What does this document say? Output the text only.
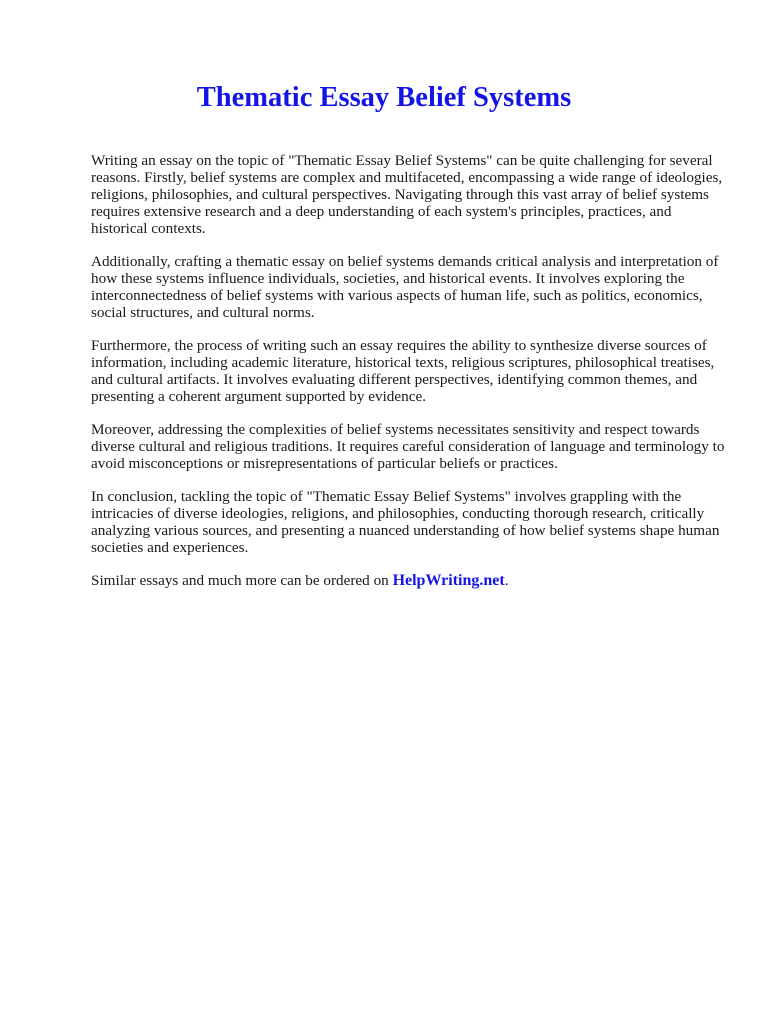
Thematic Essay Belief Systems

Writing an essay on the topic of "Thematic Essay Belief Systems" can be quite challenging for several reasons. Firstly, belief systems are complex and multifaceted, encompassing a wide range of ideologies, religions, philosophies, and cultural perspectives. Navigating through this vast array of belief systems requires extensive research and a deep understanding of each system's principles, practices, and historical contexts.

Additionally, crafting a thematic essay on belief systems demands critical analysis and interpretation of how these systems influence individuals, societies, and historical events. It involves exploring the interconnectedness of belief systems with various aspects of human life, such as politics, economics, social structures, and cultural norms.

Furthermore, the process of writing such an essay requires the ability to synthesize diverse sources of information, including academic literature, historical texts, religious scriptures, philosophical treatises, and cultural artifacts. It involves evaluating different perspectives, identifying common themes, and presenting a coherent argument supported by evidence.

Moreover, addressing the complexities of belief systems necessitates sensitivity and respect towards diverse cultural and religious traditions. It requires careful consideration of language and terminology to avoid misconceptions or misrepresentations of particular beliefs or practices.

In conclusion, tackling the topic of "Thematic Essay Belief Systems" involves grappling with the intricacies of diverse ideologies, religions, and philosophies, conducting thorough research, critically analyzing various sources, and presenting a nuanced understanding of how belief systems shape human societies and experiences.

Similar essays and much more can be ordered on HelpWriting.net.
